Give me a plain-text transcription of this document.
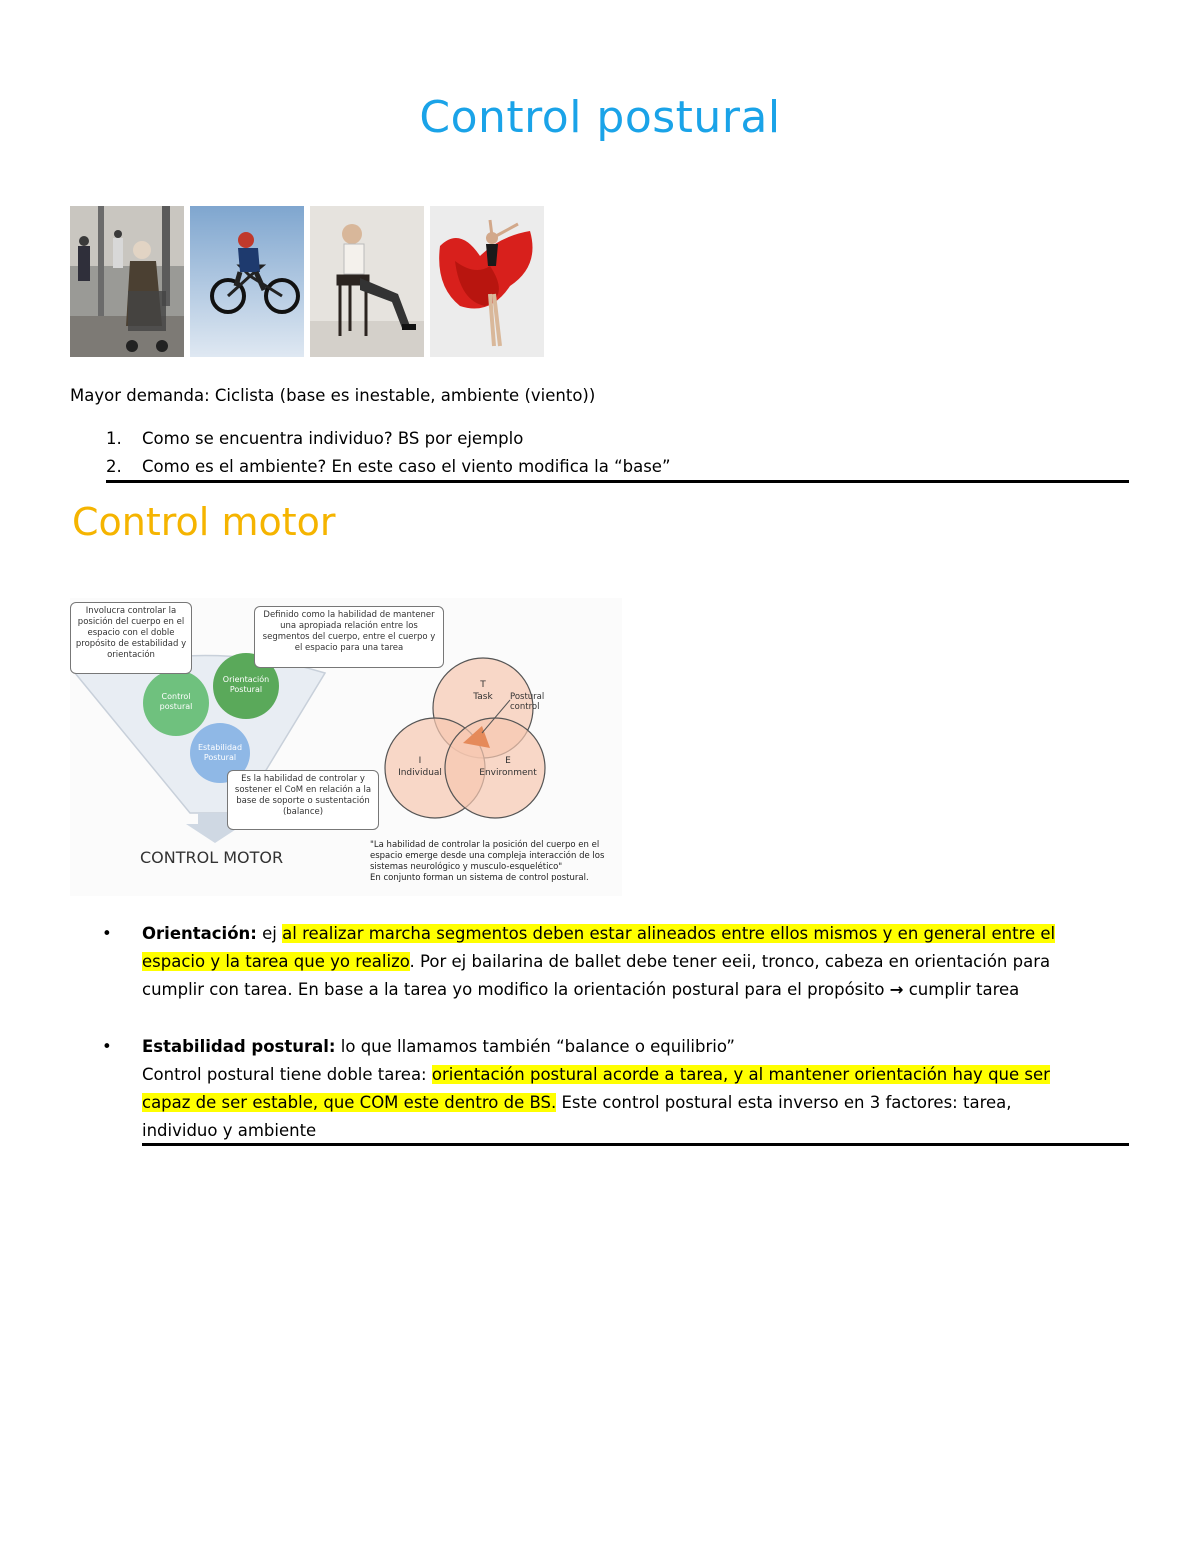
Control postural
Mayor demanda: Ciclista (base es inestable, ambiente (viento))
1. Como se encuentra individuo? BS por ejemplo
2. Como es el ambiente? En este caso el viento modifica la “base”
Control motor
Involucra controlar la posición del cuerpo en el espacio con el doble propósito de estabilidad y orientación
Definido como la habilidad de mantener una apropiada relación entre los segmentos del cuerpo, entre el cuerpo y el espacio para una tarea
Es la habilidad de controlar y sostener el CoM en relación a la base de soporte o sustentación (balance)
Control postural
Orientación Postural
Estabilidad Postural
CONTROL MOTOR
T
Task
I
Individual
E
Environment
Postural control
"La habilidad de controlar la posición del cuerpo en el
espacio emerge desde una compleja interacción de los
sistemas neurológico y musculo-esquelético"
En conjunto forman un sistema de control postural.
• Orientación: ej al realizar marcha segmentos deben estar alineados entre ellos mismos y en general entre el
espacio y la tarea que yo realizo. Por ej bailarina de ballet debe tener eeii, tronco, cabeza en orientación para
cumplir con tarea. En base a la tarea yo modifico la orientación postural para el propósito → cumplir tarea
• Estabilidad postural: lo que llamamos también “balance o equilibrio”
Control postural tiene doble tarea: orientación postural acorde a tarea, y al mantener orientación hay que ser
capaz de ser estable, que COM este dentro de BS. Este control postural esta inverso en 3 factores: tarea,
individuo y ambiente
